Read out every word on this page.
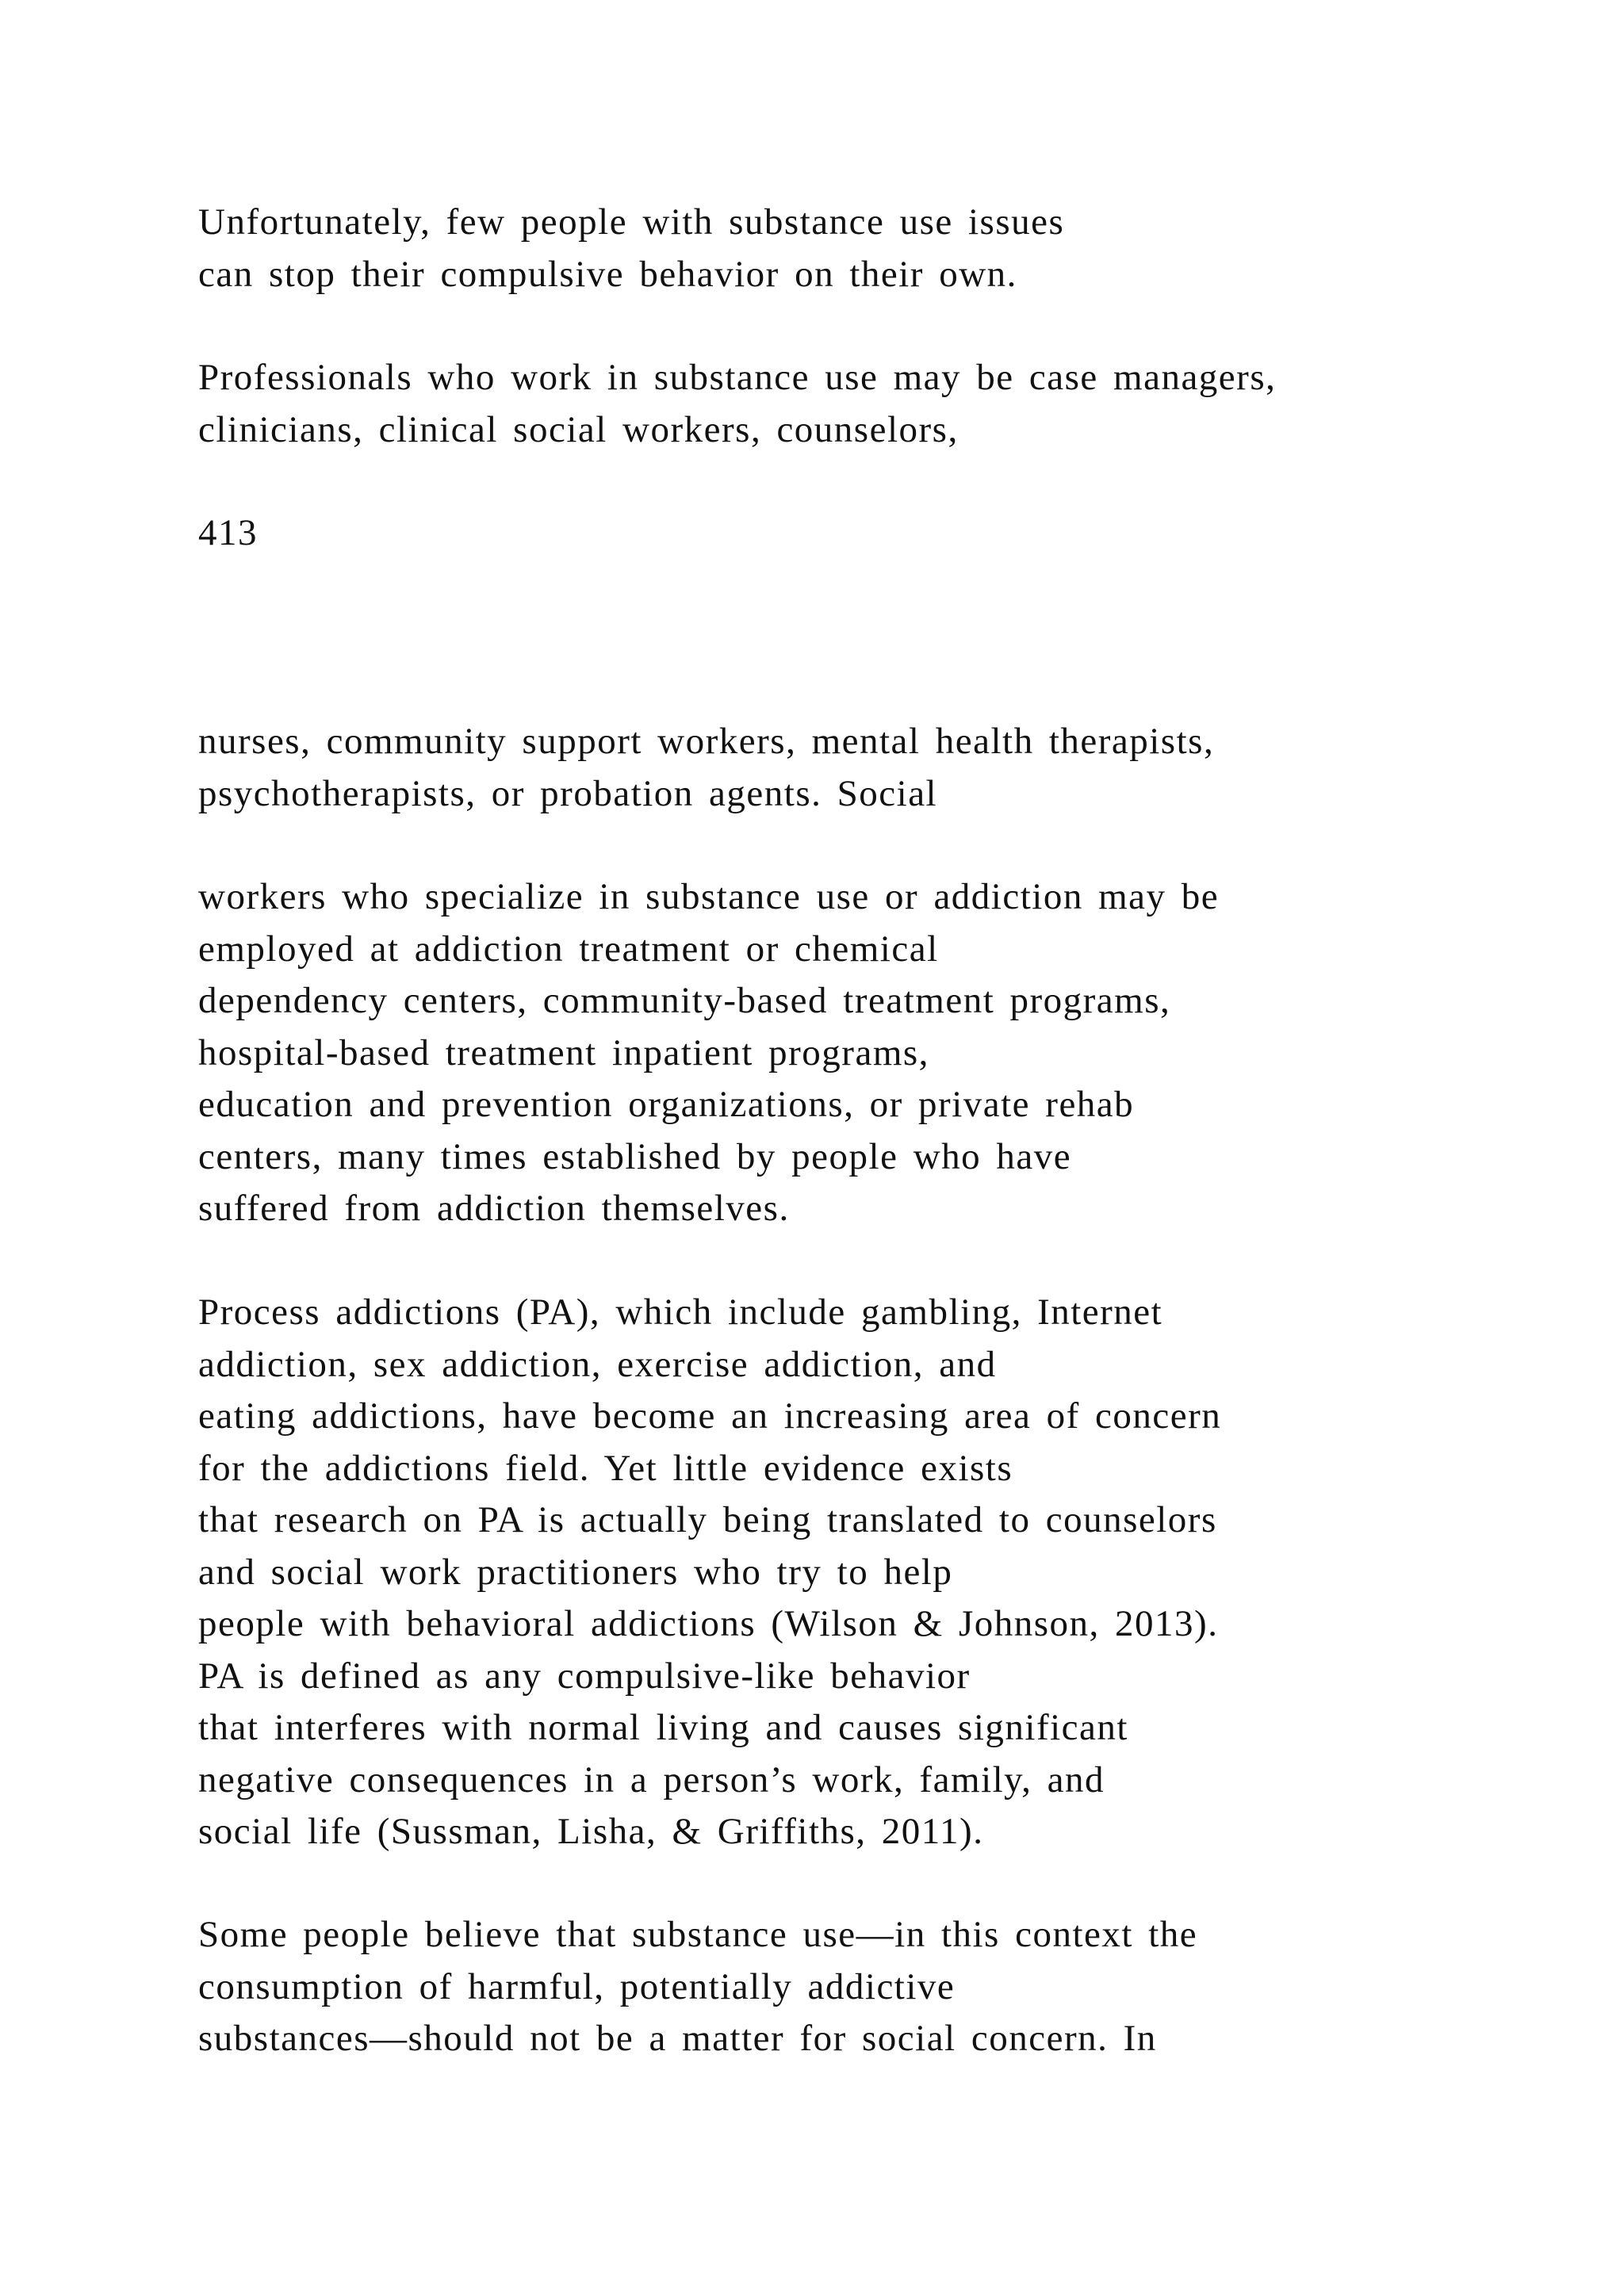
Unfortunately, few people with substance use issues
can stop their compulsive behavior on their own.
Professionals who work in substance use may be case managers,
clinicians, clinical social workers, counselors,
413
nurses, community support workers, mental health therapists,
psychotherapists, or probation agents. Social
workers who specialize in substance use or addiction may be
employed at addiction treatment or chemical
dependency centers, community-based treatment programs,
hospital-based treatment inpatient programs,
education and prevention organizations, or private rehab
centers, many times established by people who have
suffered from addiction themselves.
Process addictions (PA), which include gambling, Internet
addiction, sex addiction, exercise addiction, and
eating addictions, have become an increasing area of concern
for the addictions field. Yet little evidence exists
that research on PA is actually being translated to counselors
and social work practitioners who try to help
people with behavioral addictions (Wilson & Johnson, 2013).
PA is defined as any compulsive-like behavior
that interferes with normal living and causes significant
negative consequences in a person’s work, family, and
social life (Sussman, Lisha, & Griffiths, 2011).
Some people believe that substance use—in this context the
consumption of harmful, potentially addictive
substances—should not be a matter for social concern. In
